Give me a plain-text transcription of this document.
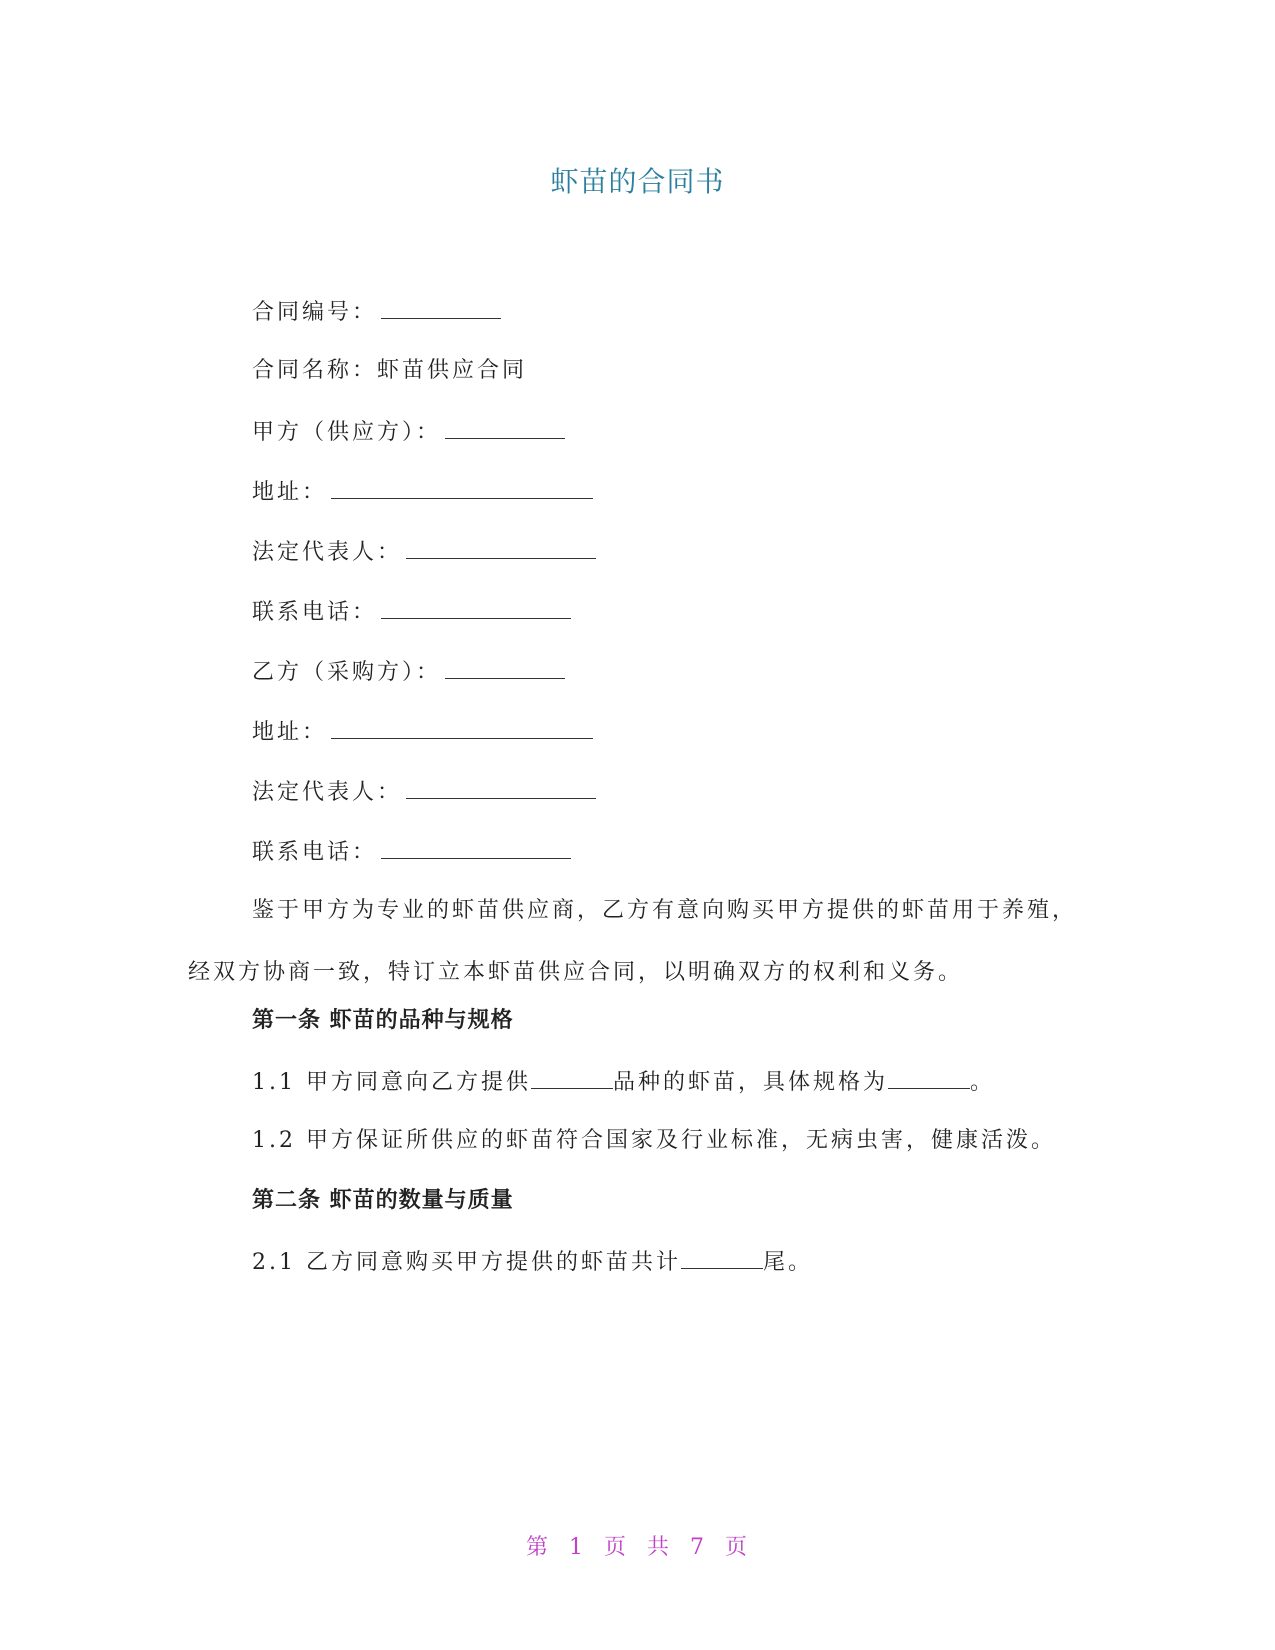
虾苗的合同书
合同编号：
合同名称：虾苗供应合同
甲方（供应方）：
地址：
法定代表人：
联系电话：
乙方（采购方）：
地址：
法定代表人：
联系电话：
鉴于甲方为专业的虾苗供应商，乙方有意向购买甲方提供的虾苗用于养殖，
经双方协商一致，特订立本虾苗供应合同，以明确双方的权利和义务。
第一条 虾苗的品种与规格
1.1 甲方同意向乙方提供	品种的虾苗，具体规格为	。
1.2 甲方保证所供应的虾苗符合国家及行业标准，无病虫害，健康活泼。
第二条 虾苗的数量与质量
2.1 乙方同意购买甲方提供的虾苗共计	尾。
第 1 页 共 7 页
